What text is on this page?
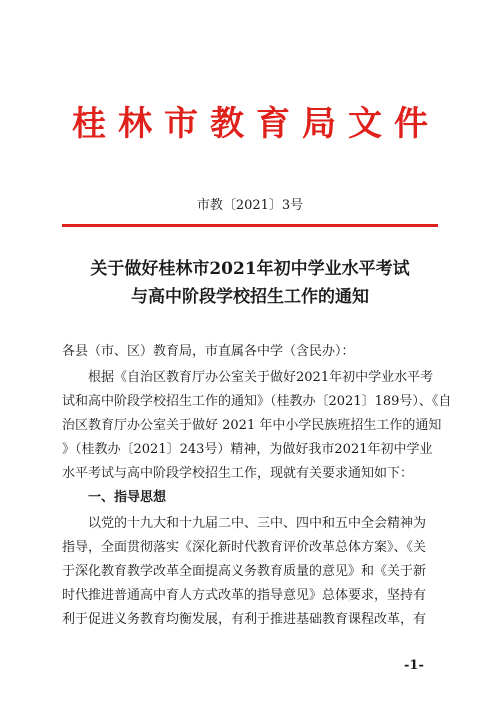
桂林市教育局文件
市教〔2021〕3号
关于做好桂林市2021年初中学业水平考试
与高中阶段学校招生工作的通知
各县（市、区）教育局，市直属各中学（含民办）：
　　根据《自治区教育厅办公室关于做好2021年初中学业水平考
试和高中阶段学校招生工作的通知》（桂教办〔2021〕189号）、《自
治区教育厅办公室关于做好 2021 年中小学民族班招生工作的通知
》（桂教办〔2021〕243号）精神，为做好我市2021年初中学业
水平考试与高中阶段学校招生工作，现就有关要求通知如下：
一、指导思想
　　以党的十九大和十九届二中、三中、四中和五中全会精神为
指导，全面贯彻落实《深化新时代教育评价改革总体方案》、《关
于深化教育教学改革全面提高义务教育质量的意见》和《关于新
时代推进普通高中育人方式改革的指导意见》总体要求，坚持有
利于促进义务教育均衡发展，有利于推进基础教育课程改革，有
-1-
